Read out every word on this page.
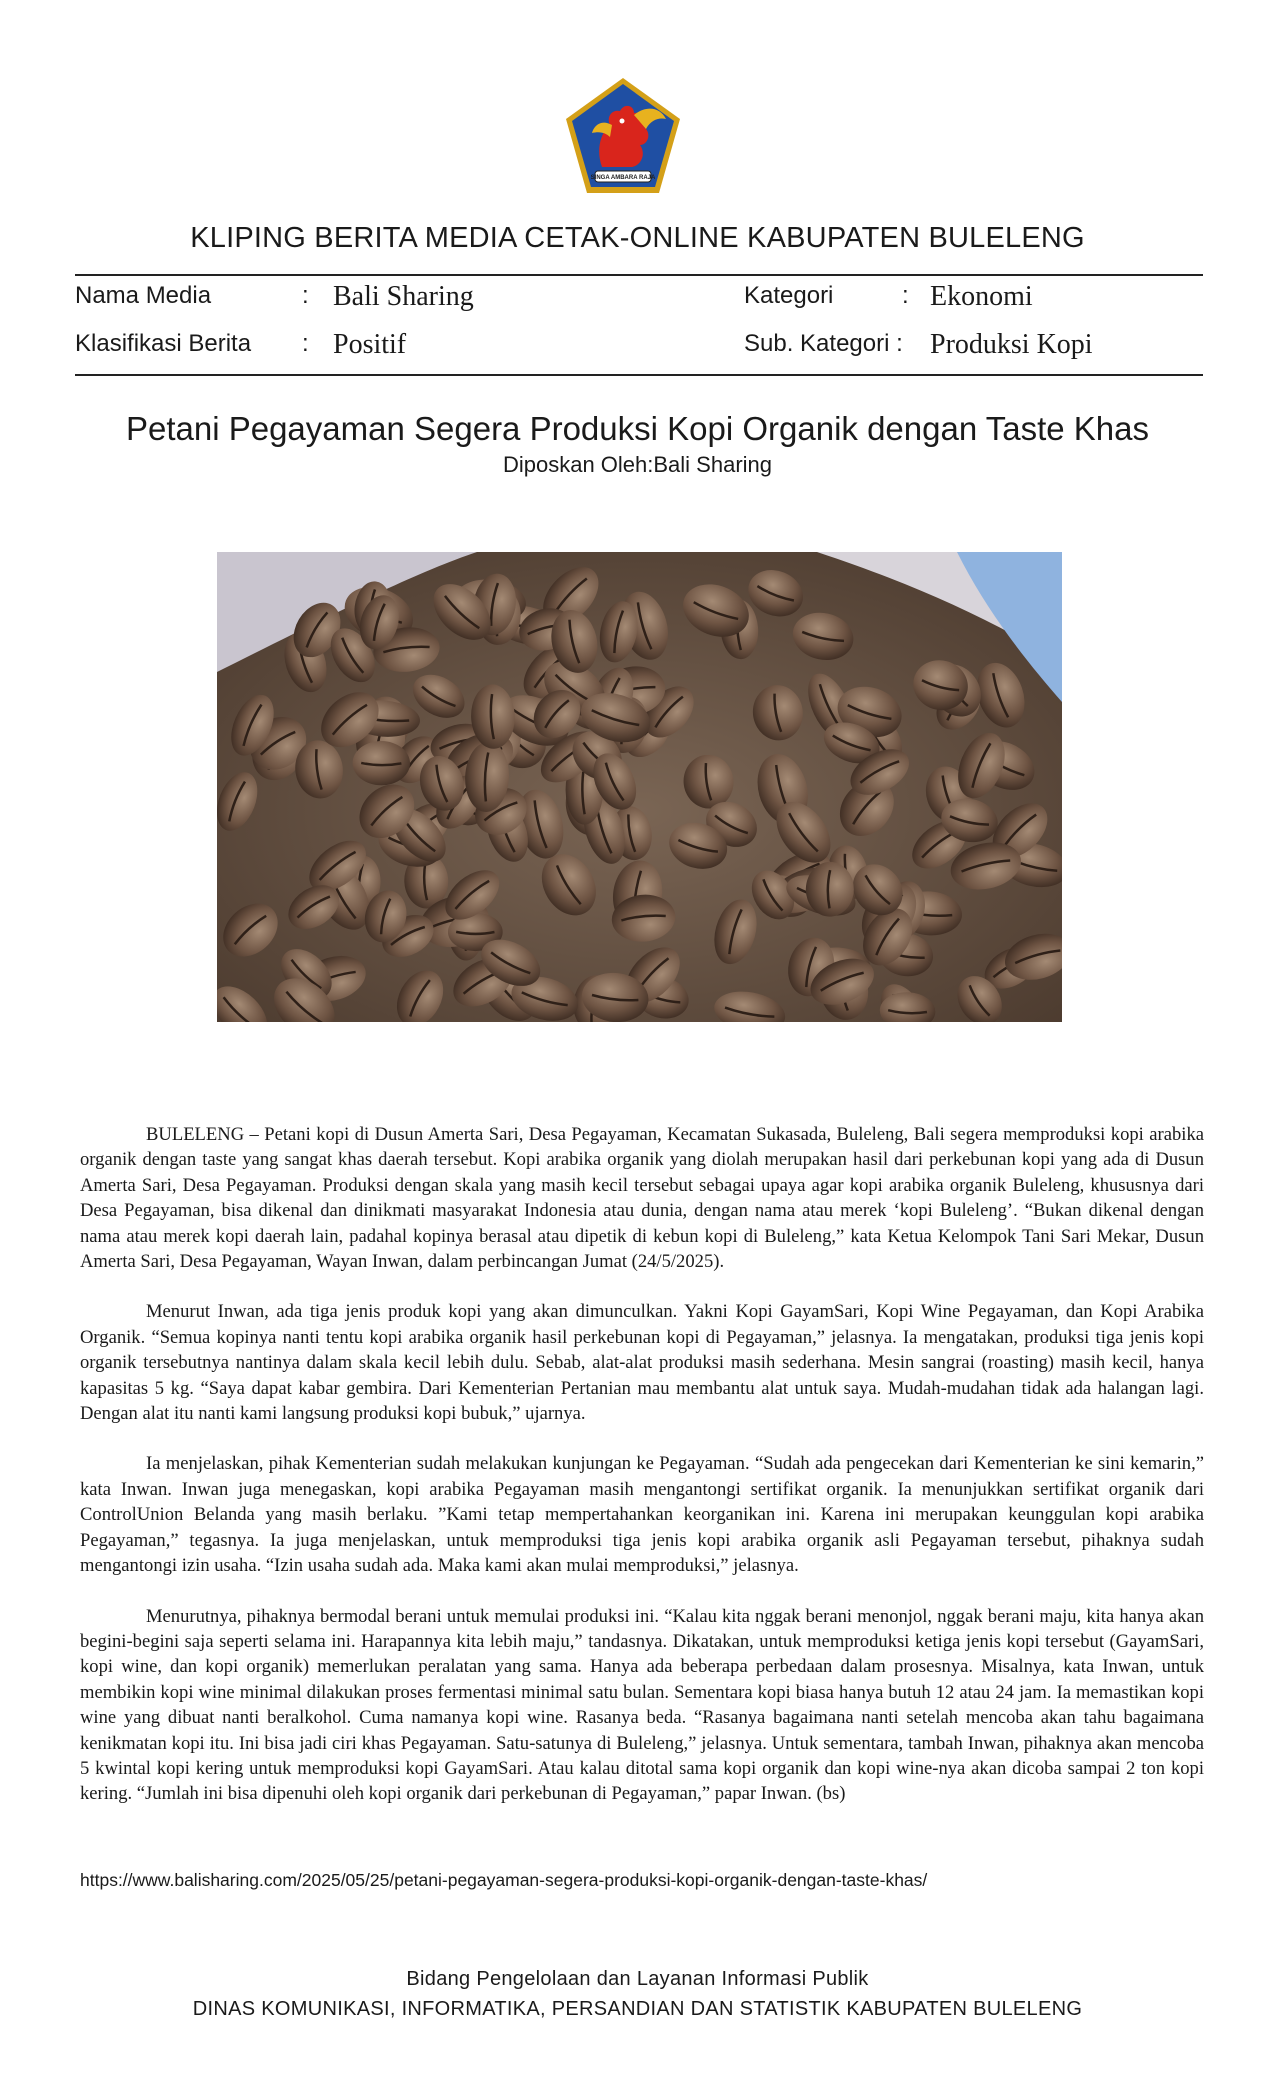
SINGA AMBARA RAJA
KLIPING BERITA MEDIA CETAK-ONLINE KABUPATEN BULELENG
Nama Media	: Bali Sharing
Klasifikasi Berita : Positif
Kategori	: Ekonomi
Sub. Kategori : Produksi Kopi
Petani Pegayaman Segera Produksi Kopi Organik dengan Taste Khas
Diposkan Oleh:Bali Sharing

BULELENG – Petani kopi di Dusun Amerta Sari, Desa Pegayaman, Kecamatan Sukasada, Buleleng, Bali segera memproduksi kopi arabika organik dengan taste yang sangat khas daerah tersebut. Kopi arabika organik yang diolah merupakan hasil dari perkebunan kopi yang ada di Dusun Amerta Sari, Desa Pegayaman. Produksi dengan skala yang masih kecil tersebut sebagai upaya agar kopi arabika organik Buleleng, khususnya dari Desa Pegayaman, bisa dikenal dan dinikmati masyarakat Indonesia atau dunia, dengan nama atau merek ‘kopi Buleleng’. “Bukan dikenal dengan nama atau merek kopi daerah lain, padahal kopinya berasal atau dipetik di kebun kopi di Buleleng,” kata Ketua Kelompok Tani Sari Mekar, Dusun Amerta Sari, Desa Pegayaman, Wayan Inwan, dalam perbincangan Jumat (24/5/2025).

Menurut Inwan, ada tiga jenis produk kopi yang akan dimunculkan. Yakni Kopi GayamSari, Kopi Wine Pegayaman, dan Kopi Arabika Organik. “Semua kopinya nanti tentu kopi arabika organik hasil perkebunan kopi di Pegayaman,” jelasnya. Ia mengatakan, produksi tiga jenis kopi organik tersebutnya nantinya dalam skala kecil lebih dulu. Sebab, alat-alat produksi masih sederhana. Mesin sangrai (roasting) masih kecil, hanya kapasitas 5 kg. “Saya dapat kabar gembira. Dari Kementerian Pertanian mau membantu alat untuk saya. Mudah-mudahan tidak ada halangan lagi. Dengan alat itu nanti kami langsung produksi kopi bubuk,” ujarnya.

Ia menjelaskan, pihak Kementerian sudah melakukan kunjungan ke Pegayaman. “Sudah ada pengecekan dari Kementerian ke sini kemarin,” kata Inwan. Inwan juga menegaskan, kopi arabika Pegayaman masih mengantongi sertifikat organik. Ia menunjukkan sertifikat organik dari ControlUnion Belanda yang masih berlaku. ”Kami tetap mempertahankan keorganikan ini. Karena ini merupakan keunggulan kopi arabika Pegayaman,” tegasnya. Ia juga menjelaskan, untuk memproduksi tiga jenis kopi arabika organik asli Pegayaman tersebut, pihaknya sudah mengantongi izin usaha. “Izin usaha sudah ada. Maka kami akan mulai memproduksi,” jelasnya.

Menurutnya, pihaknya bermodal berani untuk memulai produksi ini. “Kalau kita nggak berani menonjol, nggak berani maju, kita hanya akan begini-begini saja seperti selama ini. Harapannya kita lebih maju,” tandasnya. Dikatakan, untuk memproduksi ketiga jenis kopi tersebut (GayamSari, kopi wine, dan kopi organik) memerlukan peralatan yang sama. Hanya ada beberapa perbedaan dalam prosesnya. Misalnya, kata Inwan, untuk membikin kopi wine minimal dilakukan proses fermentasi minimal satu bulan. Sementara kopi biasa hanya butuh 12 atau 24 jam. Ia memastikan kopi wine yang dibuat nanti beralkohol. Cuma namanya kopi wine. Rasanya beda. “Rasanya bagaimana nanti setelah mencoba akan tahu bagaimana kenikmatan kopi itu. Ini bisa jadi ciri khas Pegayaman. Satu-satunya di Buleleng,” jelasnya. Untuk sementara, tambah Inwan, pihaknya akan mencoba 5 kwintal kopi kering untuk memproduksi kopi GayamSari. Atau kalau ditotal sama kopi organik dan kopi wine-nya akan dicoba sampai 2 ton kopi kering. “Jumlah ini bisa dipenuhi oleh kopi organik dari perkebunan di Pegayaman,” papar Inwan. (bs)

https://www.balisharing.com/2025/05/25/petani-pegayaman-segera-produksi-kopi-organik-dengan-taste-khas/
Bidang Pengelolaan dan Layanan Informasi Publik
DINAS KOMUNIKASI, INFORMATIKA, PERSANDIAN DAN STATISTIK KABUPATEN BULELENG
